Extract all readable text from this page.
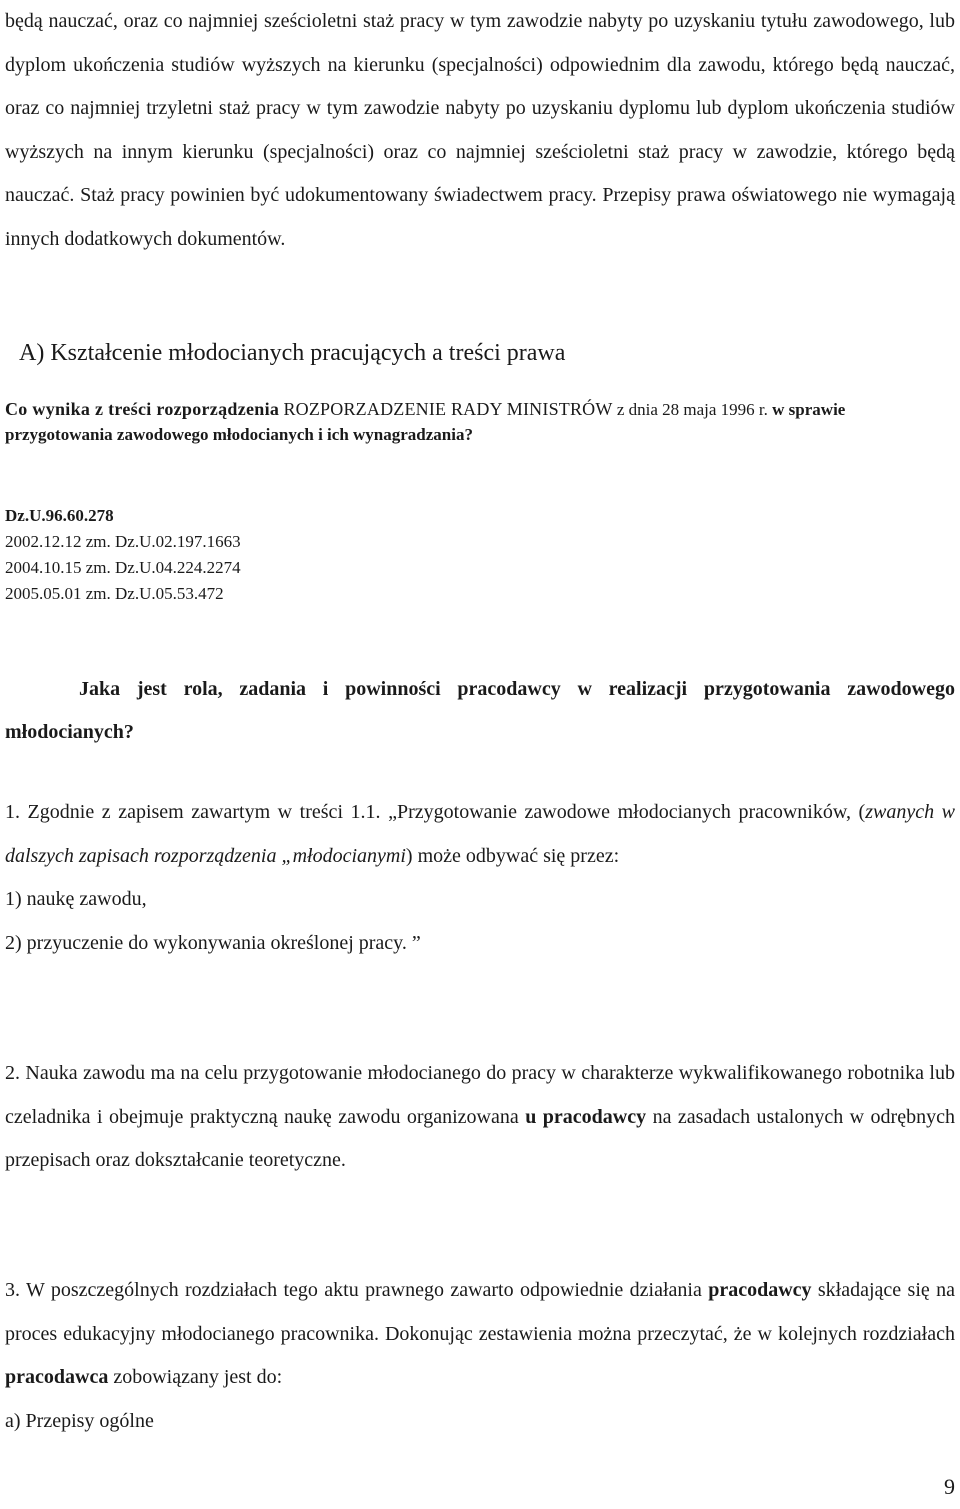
będą nauczać, oraz co najmniej sześcioletni staż pracy w tym zawodzie nabyty po uzyskaniu tytułu zawodowego, lub dyplom ukończenia studiów wyższych na kierunku (specjalności) odpowiednim dla zawodu, którego będą nauczać, oraz co najmniej trzyletni staż pracy w tym zawodzie nabyty po uzyskaniu dyplomu lub dyplom ukończenia studiów wyższych na innym kierunku (specjalności) oraz co najmniej sześcioletni staż pracy w zawodzie, którego będą nauczać. Staż pracy powinien być udokumentowany świadectwem pracy. Przepisy prawa oświatowego nie wymagają innych dodatkowych dokumentów.

A) Kształcenie młodocianych pracujących a treści prawa

Co wynika z treści rozporządzenia ROZPORZADZENIE RADY MINISTRÓW z dnia 28 maja 1996 r. w sprawie przygotowania zawodowego młodocianych i ich wynagradzania?

Dz.U.96.60.278
2002.12.12 zm. Dz.U.02.197.1663
2004.10.15 zm. Dz.U.04.224.2274
2005.05.01 zm. Dz.U.05.53.472

Jaka jest rola, zadania i powinności pracodawcy w realizacji przygotowania zawodowego młodocianych?

1. Zgodnie z zapisem zawartym w treści 1.1. „Przygotowanie zawodowe młodocianych pracowników, (zwanych w dalszych zapisach rozporządzenia „młodocianymi) może odbywać się przez:
1) naukę zawodu,
2) przyuczenie do wykonywania określonej pracy. ”

2. Nauka zawodu ma na celu przygotowanie młodocianego do pracy w charakterze wykwalifikowanego robotnika lub czeladnika i obejmuje praktyczną naukę zawodu organizowana u pracodawcy na zasadach ustalonych w odrębnych przepisach oraz dokształcanie teoretyczne.

3. W poszczególnych rozdziałach tego aktu prawnego zawarto odpowiednie działania pracodawcy składające się na proces edukacyjny młodocianego pracownika. Dokonując zestawienia można przeczytać, że w kolejnych rozdziałach pracodawca zobowiązany jest do:
a) Przepisy ogólne
9
